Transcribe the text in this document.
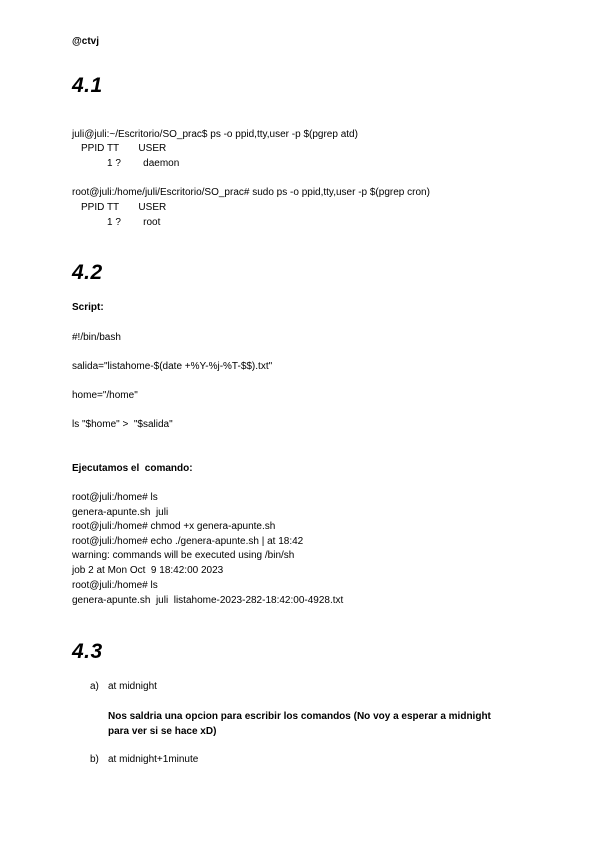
@ctvj
4.1
juli@juli:~/Escritorio/SO_prac$ ps -o ppid,tty,user -p $(pgrep atd)
PPID TT       USER
1 ?        daemon
root@juli:/home/juli/Escritorio/SO_prac# sudo ps -o ppid,tty,user -p $(pgrep cron)
PPID TT       USER
1 ?        root
4.2
Script:
#!/bin/bash
salida="listahome-$(date +%Y-%j-%T-$$).txt"
home="/home"
ls "$home" >  "$salida"
Ejecutamos el  comando:
root@juli:/home# ls
genera-apunte.sh  juli
root@juli:/home# chmod +x genera-apunte.sh
root@juli:/home# echo ./genera-apunte.sh | at 18:42
warning: commands will be executed using /bin/sh
job 2 at Mon Oct  9 18:42:00 2023
root@juli:/home# ls
genera-apunte.sh  juli  listahome-2023-282-18:42:00-4928.txt
4.3
a) at midnight
Nos saldria una opcion para escribir los comandos (No voy a esperar a midnight para ver si se hace xD)
b) at midnight+1minute
